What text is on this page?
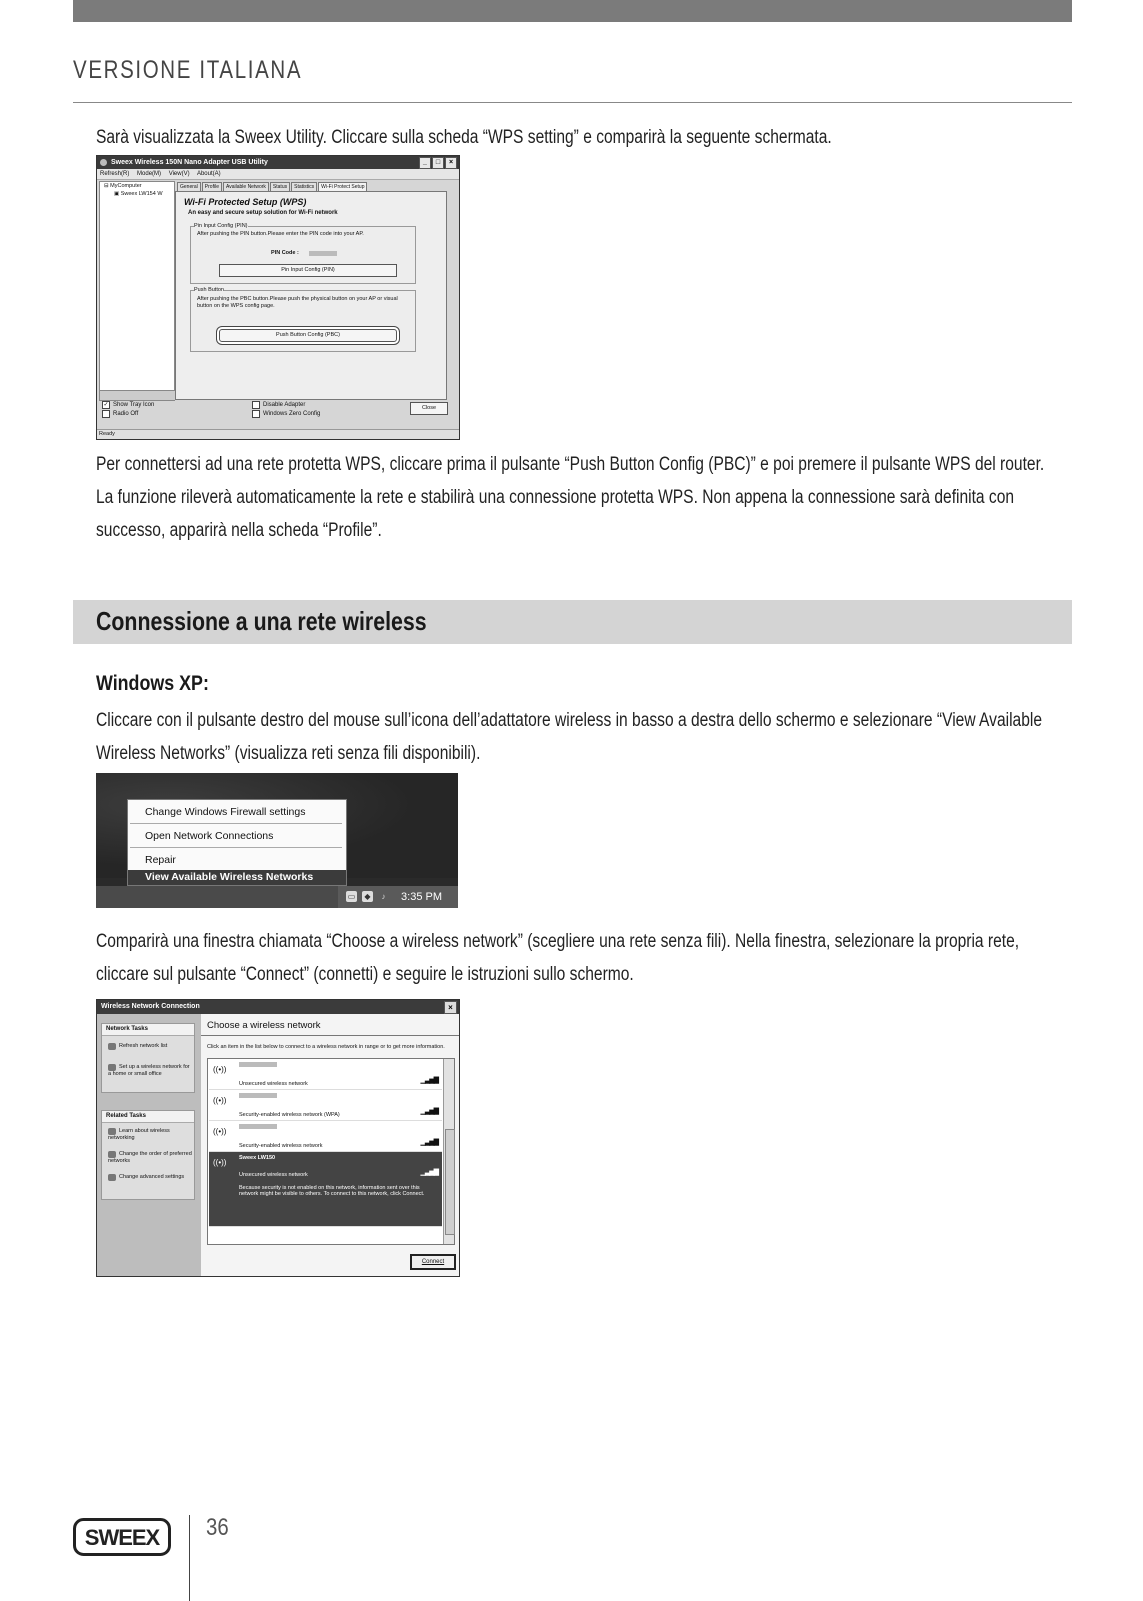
VERSIONE ITALIANA
Sarà visualizzata la Sweex Utility. Cliccare sulla scheda “WPS setting” e comparirà la seguente schermata.
Sweex Wireless 150N Nano Adapter USB Utility	_	□	×
Refresh(R) Mode(M) View(V) About(A)
⊟ MyComputer
▣ Sweex LW154 W
General	Profile	Available Network	Status	Statistics	Wi-Fi Protect Setup
Wi-Fi Protected Setup (WPS)
An easy and secure setup solution for Wi-Fi network
Pin Input Config (PIN)
After pushing the PIN button.Please enter the PIN code into your AP.
PIN Code :
Pin Input Config (PIN)
Push Button
After pushing the PBC button.Please push the physical button on your AP or visual button on the WPS config page.
Push Button Config (PBC)
✓ Show Tray Icon
Radio Off
Disable Adapter
Windows Zero Config
Close
Ready
Per connettersi ad una rete protetta WPS, cliccare prima il pulsante “Push Button Config (PBC)” e poi premere il pulsante WPS del router. La funzione rileverà automaticamente la rete e stabilirà una connessione protetta WPS. Non appena la connessione sarà definita con successo, apparirà nella scheda “Profile”.
Connessione a una rete wireless
Windows XP:
Cliccare con il pulsante destro del mouse sull’icona dell’adattatore wireless in basso a destra dello schermo e selezionare “View Available Wireless Networks” (visualizza reti senza fili disponibili).
▭	◆	♪	3:35 PM
Change Windows Firewall settings
Open Network Connections
Repair
View Available Wireless Networks
Comparirà una finestra chiamata “Choose a wireless network” (scegliere una rete senza fili). Nella finestra, selezionare la propria rete, cliccare sul pulsante “Connect” (connetti) e seguire le istruzioni sullo schermo.
Wireless Network Connection	×
Network Tasks
Refresh network list
Set up a wireless network for a home or small office
Related Tasks
Learn about wireless networking
Change the order of preferred networks
Change advanced settings
Choose a wireless network
Click an item in the list below to connect to a wireless network in range or to get more information.
((•))
Unsecured wireless network	▁▃▅▇
((•))
Security-enabled wireless network (WPA)	▁▃▅▇
((•))
Security-enabled wireless network	▁▃▅▇
((•)) Sweex LW150
Unsecured wireless network	▁▃▅▇
Because security is not enabled on this network, information sent over this network might be visible to others. To connect to this network, click Connect.
Connect
SWEEX 36
